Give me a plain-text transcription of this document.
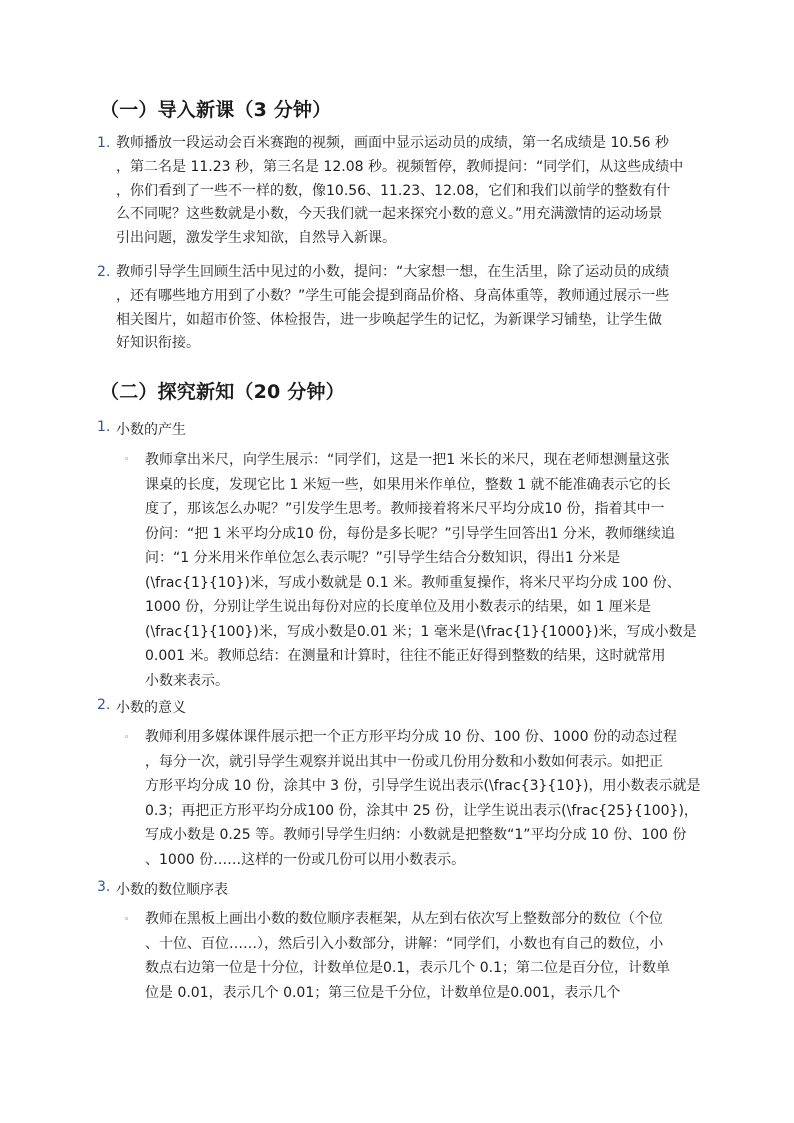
（一）导入新课（3 分钟）
1. 教师播放一段运动会百米赛跑的视频，画面中显示运动员的成绩，第一名成绩是 10.56 秒
，第二名是 11.23 秒，第三名是 12.08 秒。视频暂停，教师提问：“同学们，从这些成绩中
，你们看到了一些不一样的数，像10.56、11.23、12.08，它们和我们以前学的整数有什
么不同呢？这些数就是小数，今天我们就一起来探究小数的意义。”用充满激情的运动场景
引出问题，激发学生求知欲，自然导入新课。
2. 教师引导学生回顾生活中见过的小数，提问：“大家想一想，在生活里，除了运动员的成绩
，还有哪些地方用到了小数？”学生可能会提到商品价格、身高体重等，教师通过展示一些
相关图片，如超市价签、体检报告，进一步唤起学生的记忆，为新课学习铺垫，让学生做
好知识衔接。
（二）探究新知（20 分钟）
1. 小数的产生
◦ 教师拿出米尺，向学生展示：“同学们，这是一把1 米长的米尺，现在老师想测量这张
课桌的长度，发现它比 1 米短一些，如果用米作单位，整数 1 就不能准确表示它的长
度了，那该怎么办呢？”引发学生思考。教师接着将米尺平均分成10 份，指着其中一
份问：“把 1 米平均分成10 份，每份是多长呢？”引导学生回答出1 分米，教师继续追
问：“1 分米用米作单位怎么表示呢？”引导学生结合分数知识，得出1 分米是
(\frac{1}{10})米，写成小数就是 0.1 米。教师重复操作，将米尺平均分成 100 份、
1000 份，分别让学生说出每份对应的长度单位及用小数表示的结果，如 1 厘米是
(\frac{1}{100})米，写成小数是0.01 米；1 毫米是(\frac{1}{1000})米，写成小数是
0.001 米。教师总结：在测量和计算时，往往不能正好得到整数的结果，这时就常用
小数来表示。
2. 小数的意义
◦ 教师利用多媒体课件展示把一个正方形平均分成 10 份、100 份、1000 份的动态过程
，每分一次，就引导学生观察并说出其中一份或几份用分数和小数如何表示。如把正
方形平均分成 10 份，涂其中 3 份，引导学生说出表示(\frac{3}{10})，用小数表示就是
0.3；再把正方形平均分成100 份，涂其中 25 份，让学生说出表示(\frac{25}{100})，
写成小数是 0.25 等。教师引导学生归纳：小数就是把整数“1”平均分成 10 份、100 份
、1000 份……这样的一份或几份可以用小数表示。
3. 小数的数位顺序表
◦ 教师在黑板上画出小数的数位顺序表框架，从左到右依次写上整数部分的数位（个位
、十位、百位……），然后引入小数部分，讲解：“同学们，小数也有自己的数位，小
数点右边第一位是十分位，计数单位是0.1，表示几个 0.1；第二位是百分位，计数单
位是 0.01，表示几个 0.01；第三位是千分位，计数单位是0.001，表示几个
